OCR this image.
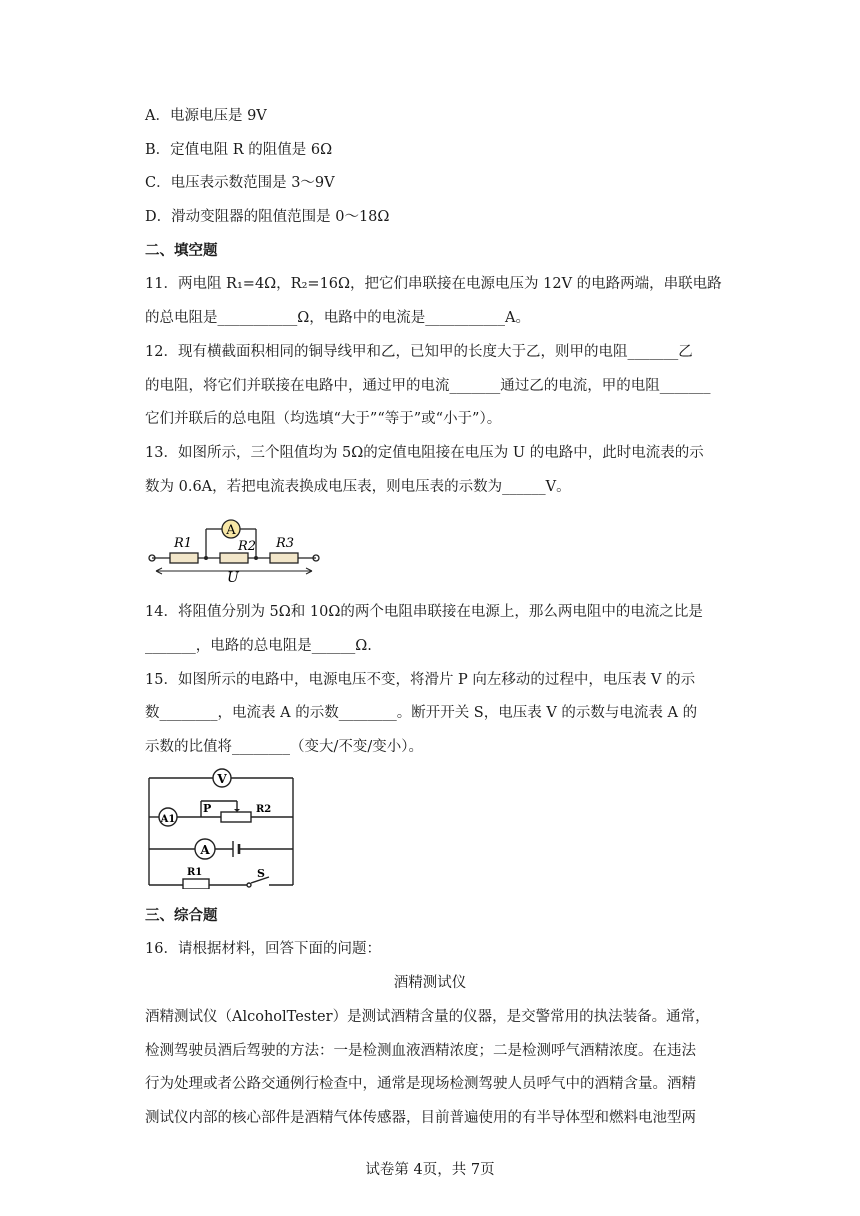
A．电源电压是 9V
B．定值电阻 R 的阻值是 6Ω
C．电压表示数范围是 3～9V
D．滑动变阻器的阻值范围是 0～18Ω
二、填空题
11．两电阻 R₁=4Ω，R₂=16Ω，把它们串联接在电源电压为 12V 的电路两端，串联电路
的总电阻是___________Ω，电路中的电流是___________A。
12．现有横截面积相同的铜导线甲和乙，已知甲的长度大于乙，则甲的电阻_______乙
的电阻，将它们并联接在电路中，通过甲的电流_______通过乙的电流，甲的电阻_______
它们并联后的总电阻（均选填“大于”“等于”或“小于”）。
13．如图所示，三个阻值均为 5Ω的定值电阻接在电压为 U 的电路中，此时电流表的示
数为 0.6A，若把电流表换成电压表，则电压表的示数为______V。
A
R1	R2 R3
U
14．将阻值分别为 5Ω和 10Ω的两个电阻串联接在电源上，那么两电阻中的电流之比是
_______，电路的总电阻是______Ω.
15．如图所示的电路中，电源电压不变，将滑片 P 向左移动的过程中，电压表 V 的示
数________，电流表 A 的示数________。断开开关 S，电压表 V 的示数与电流表 A 的
示数的比值将________（变大/不变/变小）。
V
A1
A
P	R2
R1	S
三、综合题
16．请根据材料，回答下面的问题：
酒精测试仪
酒精测试仪（AlcoholTester）是测试酒精含量的仪器，是交警常用的执法装备。通常，
检测驾驶员酒后驾驶的方法：一是检测血液酒精浓度；二是检测呼气酒精浓度。在违法
行为处理或者公路交通例行检查中，通常是现场检测驾驶人员呼气中的酒精含量。酒精
测试仪内部的核心部件是酒精气体传感器，目前普遍使用的有半导体型和燃料电池型两
试卷第 4页，共 7页
